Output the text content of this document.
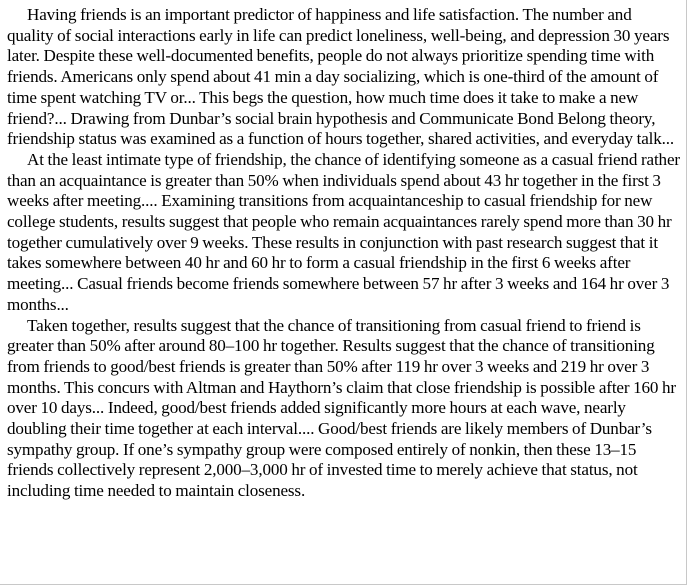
Having friends is an important predictor of happiness and life satisfaction. The number and quality of social interactions early in life can predict loneliness, well-being, and depression 30 years later. Despite these well-documented benefits, people do not always prioritize spending time with friends. Americans only spend about 41 min a day socializing, which is one-third of the amount of time spent watching TV or... This begs the question, how much time does it take to make a new friend?... Drawing from Dunbar’s social brain hypothesis and Communicate Bond Belong theory, friendship status was examined as a function of hours together, shared activities, and everyday talk...

At the least intimate type of friendship, the chance of identifying someone as a casual friend rather than an acquaintance is greater than 50% when individuals spend about 43 hr together in the first 3 weeks after meeting.... Examining transitions from acquaintanceship to casual friendship for new college students, results suggest that people who remain acquaintances rarely spend more than 30 hr together cumulatively over 9 weeks. These results in conjunction with past research suggest that it takes somewhere between 40 hr and 60 hr to form a casual friendship in the first 6 weeks after meeting... Casual friends become friends somewhere between 57 hr after 3 weeks and 164 hr over 3 months...

Taken together, results suggest that the chance of transitioning from casual friend to friend is greater than 50% after around 80–100 hr together. Results suggest that the chance of transitioning from friends to good/best friends is greater than 50% after 119 hr over 3 weeks and 219 hr over 3 months. This concurs with Altman and Haythorn’s claim that close friendship is possible after 160 hr over 10 days... Indeed, good/best friends added significantly more hours at each wave, nearly doubling their time together at each interval.... Good/best friends are likely members of Dunbar’s sympathy group. If one’s sympathy group were composed entirely of nonkin, then these 13–15 friends collectively represent 2,000–3,000 hr of invested time to merely achieve that status, not including time needed to maintain closeness.
